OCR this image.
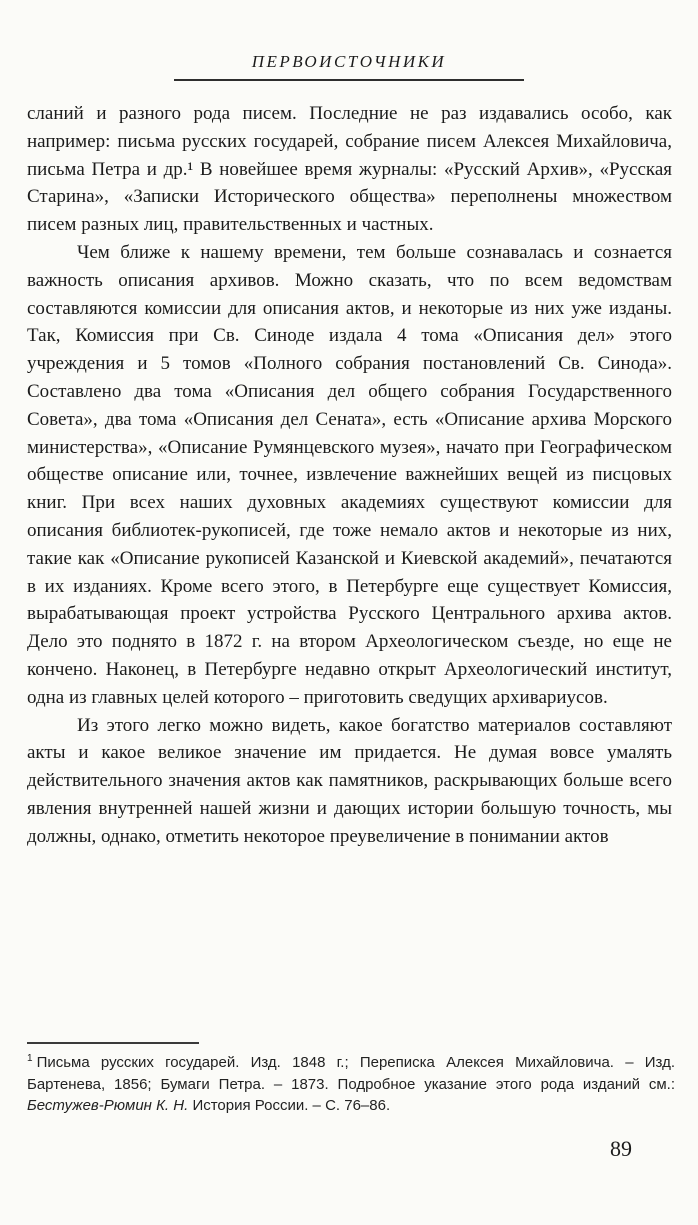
ПЕРВОИСТОЧНИКИ

сланий и разного рода писем. Последние не раз издавались особо, как например: письма русских государей, собрание писем Алексея Михайловича, письма Петра и др.¹ В новейшее время журналы: «Русский Архив», «Русская Старина», «Записки Исторического общества» переполнены множеством писем разных лиц, правительственных и частных.

Чем ближе к нашему времени, тем больше сознавалась и сознается важность описания архивов. Можно сказать, что по всем ведомствам составляются комиссии для описания актов, и некоторые из них уже изданы. Так, Комиссия при Св. Синоде издала 4 тома «Описания дел» этого учреждения и 5 томов «Полного собрания постановлений Св. Синода». Составлено два тома «Описания дел общего собрания Государственного Совета», два тома «Описания дел Сената», есть «Описание архива Морского министерства», «Описание Румянцевского музея», начато при Географическом обществе описание или, точнее, извлечение важнейших вещей из писцовых книг. При всех наших духовных академиях существуют комиссии для описания библиотек-рукописей, где тоже немало актов и некоторые из них, такие как «Описание рукописей Казанской и Киевской академий», печатаются в их изданиях. Кроме всего этого, в Петербурге еще существует Комиссия, вырабатывающая проект устройства Русского Центрального архива актов. Дело это поднято в 1872 г. на втором Археологическом съезде, но еще не кончено. Наконец, в Петербурге недавно открыт Археологический институт, одна из главных целей которого – приготовить сведущих архивариусов.

Из этого легко можно видеть, какое богатство материалов составляют акты и какое великое значение им придается. Не думая вовсе умалять действительного значения актов как памятников, раскрывающих больше всего явления внутренней нашей жизни и дающих истории большую точность, мы должны, однако, отметить некоторое преувеличение в понимании актов

$^1$ Письма русских государей. Изд. 1848 г.; Переписка Алексея Михайловича. – Изд. Бартенева, 1856; Бумаги Петра. – 1873. Подробное указание этого рода изданий см.: Бестужев-Рюмин К. Н. История России. – С. 76–86.
89
